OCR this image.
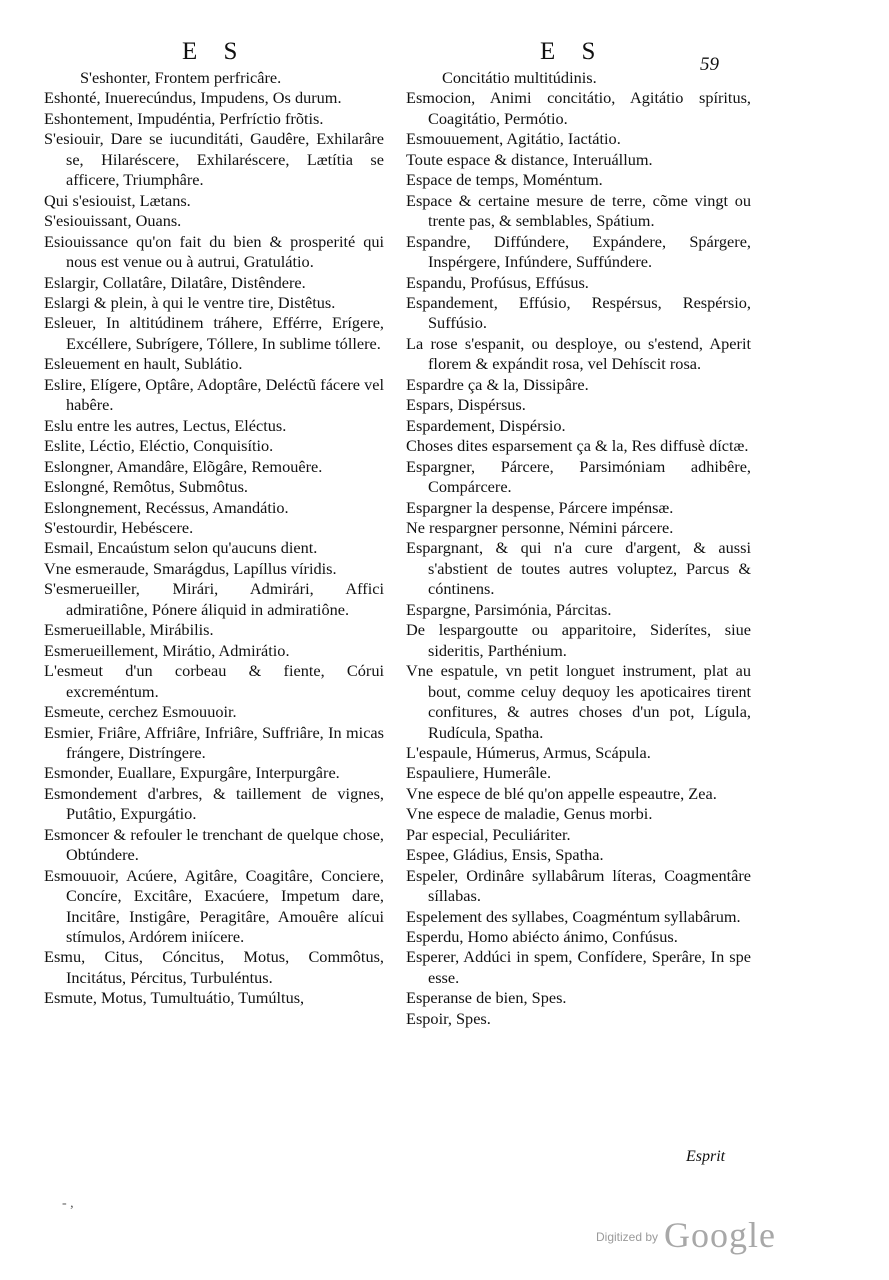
E S	E S	59

S'eshonter, Frontem perfricâre.

Eshonté, Inuerecúndus, Impudens, Os durum.

Eshontement, Impudéntia, Perfríctio frõtis.

S'esiouir, Dare se iucunditáti, Gaudêre, Exhilarâre se, Hilaréscere, Exhilaréscere, Lætítia se afficere, Triumphâre.

Qui s'esiouist, Lætans.

S'esiouissant, Ouans.

Esiouissance qu'on fait du bien & prosperité qui nous est venue ou à autrui, Gratulátio.

Eslargir, Collatâre, Dilatâre, Distêndere.

Eslargi & plein, à qui le ventre tire, Distêtus.

Esleuer, In altitúdinem tráhere, Efférre, Erígere, Excéllere, Subrígere, Tóllere, In sublime tóllere.

Esleuement en hault, Sublátio.

Eslire, Elígere, Optâre, Adoptâre, Deléctũ fácere vel habêre.

Eslu entre les autres, Lectus, Eléctus.

Eslite, Léctio, Eléctio, Conquisítio.

Eslongner, Amandâre, Elõgâre, Remouêre.

Eslongné, Remôtus, Submôtus.

Eslongnement, Recéssus, Amandátio.

S'estourdir, Hebéscere.

Esmail, Encaústum selon qu'aucuns dient.

Vne esmeraude, Smarágdus, Lapíllus víridis.

S'esmerueiller, Mirári, Admirári, Affici admiratiône, Pónere áliquid in admiratiône.

Esmerueillable, Mirábilis.

Esmerueillement, Mirátio, Admirátio.

L'esmeut d'un corbeau & fiente, Córui excreméntum.

Esmeute, cerchez Esmouuoir.

Esmier, Friâre, Affriâre, Infriâre, Suffriâre, In micas frángere, Distríngere.

Esmonder, Euallare, Expurgâre, Interpurgâre.

Esmondement d'arbres, & taillement de vignes, Putâtio, Expurgátio.

Esmoncer & refouler le trenchant de quelque chose, Obtúndere.

Esmouuoir, Acúere, Agitâre, Coagitâre, Conciere, Concíre, Excitâre, Exacúere, Impetum dare, Incitâre, Instigâre, Peragitâre, Amouêre alícui stímulos, Ardórem iniícere.

Esmu, Citus, Cóncitus, Motus, Commôtus, Incitátus, Pércitus, Turbuléntus.

Esmute, Motus, Tumultuátio, Tumúltus,

Concitátio multitúdinis.

Esmocion, Animi concitátio, Agitátio spíritus, Coagitátio, Permótio.

Esmouuement, Agitátio, Iactátio.

Toute espace & distance, Interuállum.

Espace de temps, Moméntum.

Espace & certaine mesure de terre, cõme vingt ou trente pas, & semblables, Spátium.

Espandre, Diffúndere, Expándere, Spárgere, Inspérgere, Infúndere, Suffúndere.

Espandu, Profúsus, Effúsus.

Espandement, Effúsio, Respérsus, Respérsio, Suffúsio.

La rose s'espanit, ou desploye, ou s'estend, Aperit florem & expándit rosa, vel Dehíscit rosa.

Espardre ça & la, Dissipâre.

Espars, Dispérsus.

Espardement, Dispérsio.

Choses dites esparsement ça & la, Res diffusè díctæ.

Espargner, Párcere, Parsimóniam adhibêre, Compárcere.

Espargner la despense, Párcere impénsæ.

Ne respargner personne, Némini párcere.

Espargnant, & qui n'a cure d'argent, & aussi s'abstient de toutes autres voluptez, Parcus & cóntinens.

Espargne, Parsimónia, Párcitas.

De lespargoutte ou apparitoire, Siderítes, siue sideritis, Parthénium.

Vne espatule, vn petit longuet instrument, plat au bout, comme celuy dequoy les apoticaires tirent confitures, & autres choses d'un pot, Lígula, Rudícula, Spatha.

L'espaule, Húmerus, Armus, Scápula.

Espauliere, Humerâle.

Vne espece de blé qu'on appelle espeautre, Zea.

Vne espece de maladie, Genus morbi.

Par especial, Peculiáriter.

Espee, Gládius, Ensis, Spatha.

Espeler, Ordinâre syllabârum líteras, Coagmentâre síllabas.

Espelement des syllabes, Coagméntum syllabârum.

Esperdu, Homo abiécto ánimo, Confúsus.

Esperer, Addúci in spem, Confídere, Sperâre, In spe esse.

Esperanse de bien, Spes.

Espoir, Spes.

Esprit
- ,
$^{Digitized by}$ Google
